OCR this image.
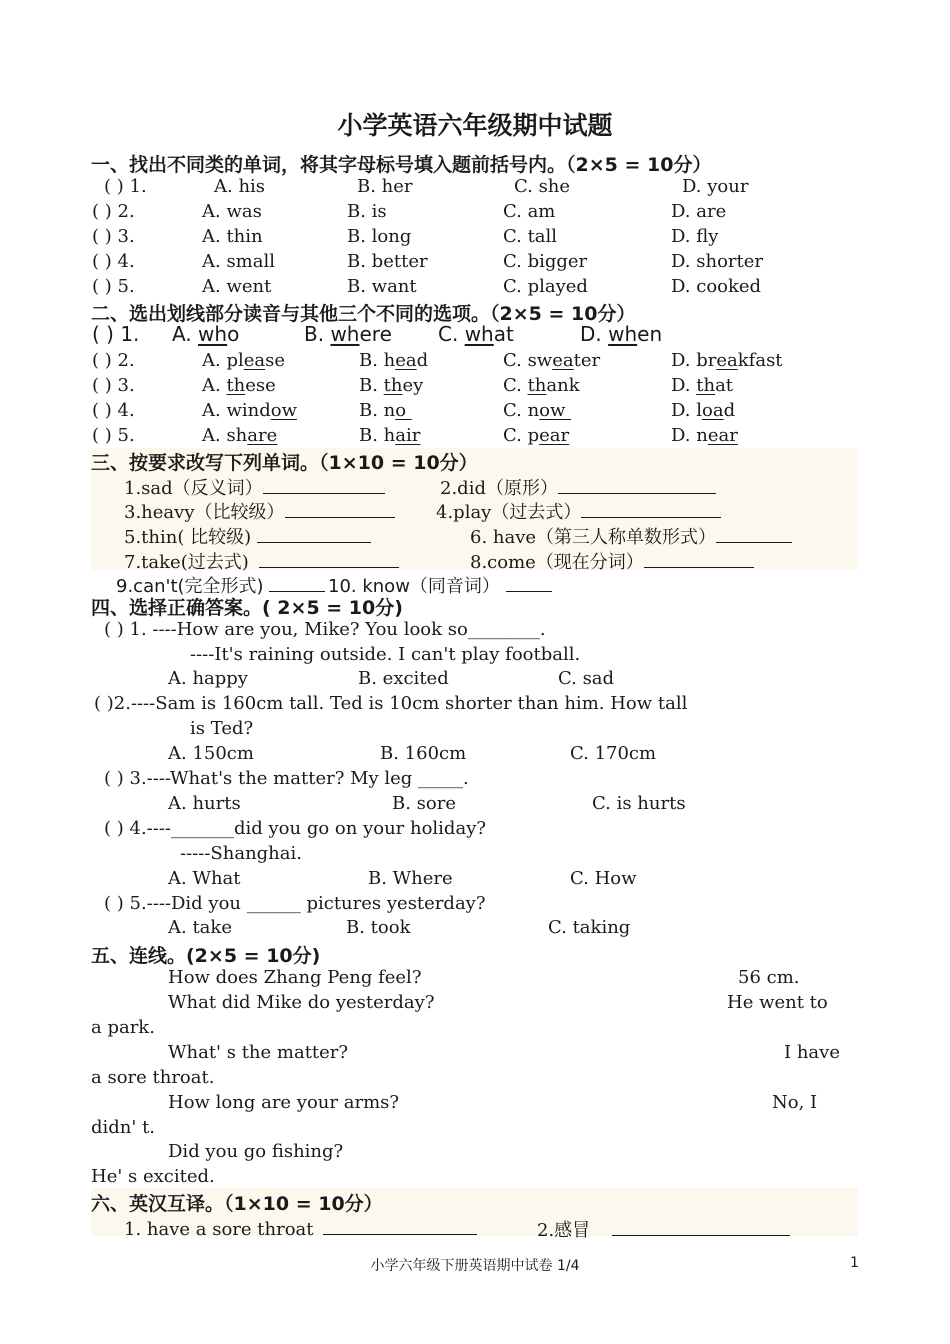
小学英语六年级期中试题
一、找出不同类的单词，将其字母标号填入题前括号内。（2×5 = 10分）
( ) 1.	A. his	B. her	C. she	D. your
( ) 2.	A. was	B. is	C. am	D. are
( ) 3.	A. thin	B. long	C. tall	D. fly
( ) 4.	A. small	B. better	C. bigger	D. shorter
( ) 5.	A. went	B. want	C. played	D. cooked
二、选出划线部分读音与其他三个不同的选项。（2×5 = 10分）
( ) 1. A. who	B. where C. what	D. when
( ) 2.	A. please	B. head	C. sweater	D. breakfast
( ) 3.	A. these	B. they	C. thank	D. that
( ) 4.	A. window	B. no	C. now	D. load
( ) 5.	A. share	B. hair	C. pear	D. near
三、按要求改写下列单词。（1×10 = 10分）
1.sad（反义词）	2.did（原形）
3.heavy（比较级）	4.play（过去式）
5.thin( 比较级)	6. have（第三人称单数形式）
7.take(过去式)	8.come（现在分词）
9.can't(完全形式)	10. know（同音词）
四、选择正确答案。( 2×5 = 10分)
( ) 1. ----How are you, Mike? You look so________.
----It's raining outside. I can't play football.
A. happy	B. excited	C. sad
( )2.----Sam is 160cm tall. Ted is 10cm shorter than him. How tall
is Ted?
A. 150cm	B. 160cm	C. 170cm
( ) 3.----What's the matter? My leg _____.
A. hurts	B. sore	C. is hurts
( ) 4.----_______did you go on your holiday?
-----Shanghai.
A. What	B. Where	C. How
( ) 5.----Did you ______ pictures yesterday?
A. take	B. took	C. taking
五、连线。(2×5 = 10分)
How does Zhang Peng feel?	56 cm.
What did Mike do yesterday?	He went to
a park.
What' s the matter?	I have
a sore throat.
How long are your arms?	No, I
didn' t.
Did you go fishing?
He' s excited.
六、英汉互译。（1×10 = 10分）
1. have a sore throat	2.感冒
小学六年级下册英语期中试卷 1/4	1
